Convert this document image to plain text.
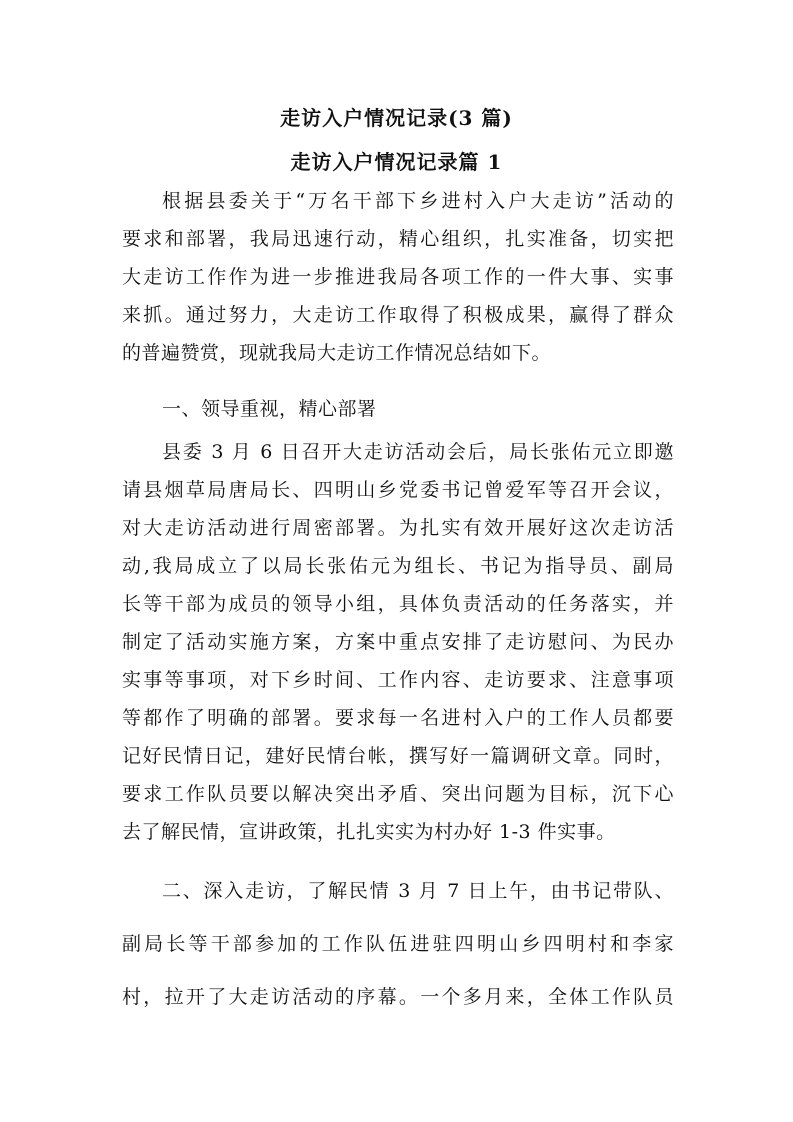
走访入户情况记录(3 篇)
走访入户情况记录篇 1
根据县委关于“万名干部下乡进村入户大走访”活动的
要求和部署，我局迅速行动，精心组织，扎实准备，切实把
大走访工作作为进一步推进我局各项工作的一件大事、实事
来抓。通过努力，大走访工作取得了积极成果，赢得了群众
的普遍赞赏，现就我局大走访工作情况总结如下。
一、领导重视，精心部署
县委 3 月 6 日召开大走访活动会后，局长张佑元立即邀
请县烟草局唐局长、四明山乡党委书记曾爱军等召开会议，
对大走访活动进行周密部署。为扎实有效开展好这次走访活
动,我局成立了以局长张佑元为组长、书记为指导员、副局
长等干部为成员的领导小组，具体负责活动的任务落实，并
制定了活动实施方案，方案中重点安排了走访慰问、为民办
实事等事项，对下乡时间、工作内容、走访要求、注意事项
等都作了明确的部署。要求每一名进村入户的工作人员都要
记好民情日记，建好民情台帐，撰写好一篇调研文章。同时，
要求工作队员要以解决突出矛盾、突出问题为目标，沉下心
去了解民情，宣讲政策，扎扎实实为村办好 1-3 件实事。
二、深入走访，了解民情 3 月 7 日上午，由书记带队、
副局长等干部参加的工作队伍进驻四明山乡四明村和李家
村，拉开了大走访活动的序幕。一个多月来，全体工作队员
